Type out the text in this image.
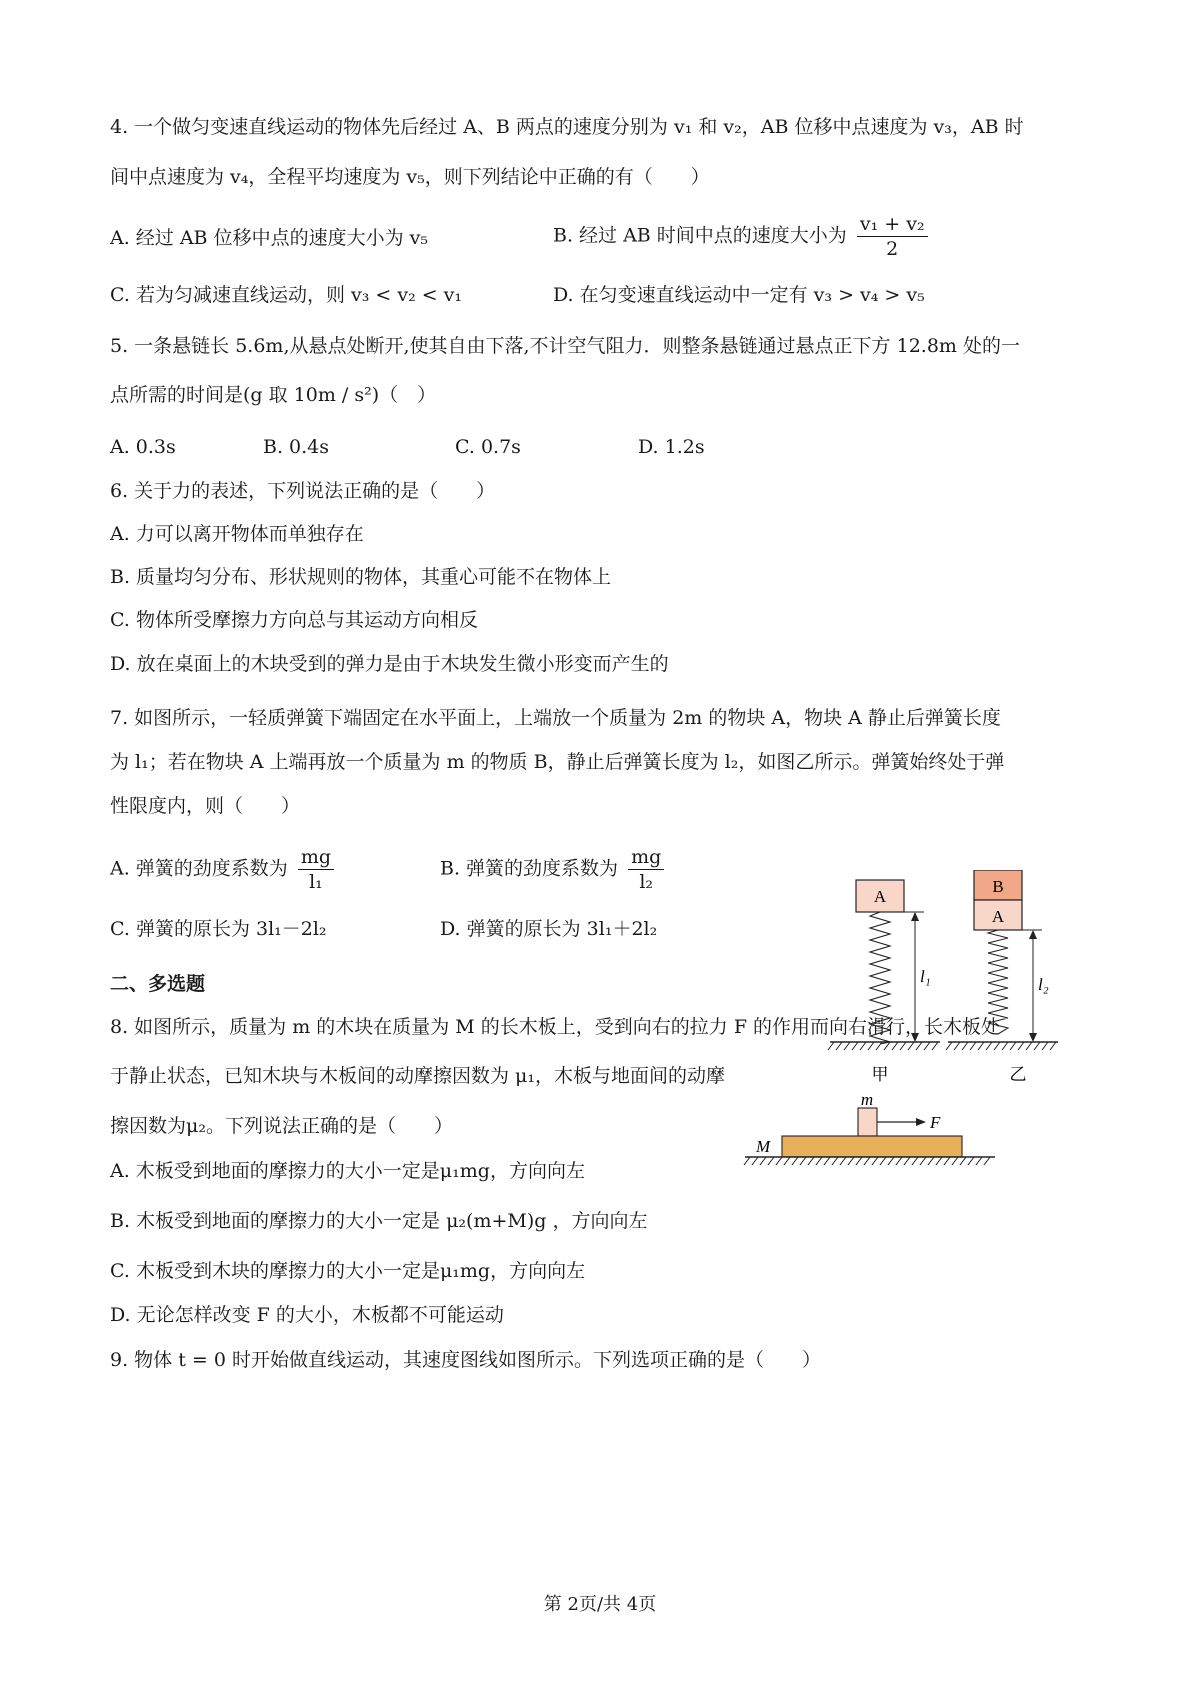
4. 一个做匀变速直线运动的物体先后经过 A、B 两点的速度分别为 v₁ 和 v₂，AB 位移中点速度为 v₃，AB 时
间中点速度为 v₄，全程平均速度为 v₅，则下列结论中正确的有（　　）
A. 经过 AB 位移中点的速度大小为 v₅	B. 经过 AB 时间中点的速度大小为 $\frac{\text{v₁ + v₂}}{2}$
C. 若为匀减速直线运动，则 v₃ < v₂ < v₁	D. 在匀变速直线运动中一定有 v₃ > v₄ > v₅
5. 一条悬链长 5.6m,从悬点处断开,使其自由下落,不计空气阻力．则整条悬链通过悬点正下方 12.8m 处的一
点所需的时间是(g 取 10m / s²)（　）
A. 0.3s	B. 0.4s	C. 0.7s	D. 1.2s
6. 关于力的表述，下列说法正确的是（　　）
A. 力可以离开物体而单独存在
B. 质量均匀分布、形状规则的物体，其重心可能不在物体上
C. 物体所受摩擦力方向总与其运动方向相反
D. 放在桌面上的木块受到的弹力是由于木块发生微小形变而产生的
7. 如图所示，一轻质弹簧下端固定在水平面上，上端放一个质量为 2m 的物块 A，物块 A 静止后弹簧长度
为 l₁；若在物块 A 上端再放一个质量为 m 的物质 B，静止后弹簧长度为 l₂，如图乙所示。弹簧始终处于弹
性限度内，则（　　）
A. 弹簧的劲度系数为 $\frac{mg}{\text{l₁}}$	B. 弹簧的劲度系数为 $\frac{mg}{\text{l₂}}$
C. 弹簧的原长为 3l₁－2l₂	D. 弹簧的原长为 3l₁＋2l₂
A
l₁
甲
B
A
l₂
乙
二、多选题
8. 如图所示，质量为 m 的木块在质量为 M 的长木板上，受到向右的拉力 F 的作用而向右滑行，长木板处
于静止状态，已知木块与木板间的动摩擦因数为 μ₁，木板与地面间的动摩
擦因数为μ₂。下列说法正确的是（　　）
A. 木板受到地面的摩擦力的大小一定是μ₁mg，方向向左
B. 木板受到地面的摩擦力的大小一定是 μ₂(m+M)g ，方向向左
C. 木板受到木块的摩擦力的大小一定是μ₁mg，方向向左
D. 无论怎样改变 F 的大小，木板都不可能运动
m
F
M
9. 物体 t = 0 时开始做直线运动，其速度图线如图所示。下列选项正确的是（　　）
第 2页/共 4页
